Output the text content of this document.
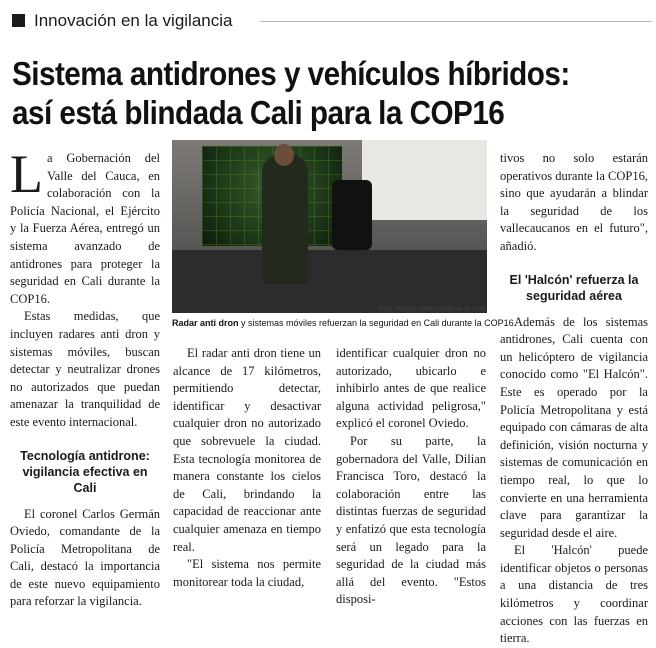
Innovación en la vigilancia
Sistema antidrones y vehículos híbridos:
así está blindada Cali para la COP16
L a Gobernación del Valle del Cauca, en colaboración con la Policía Nacional, el Ejército y la Fuerza Aérea, entregó un sistema avanzado de antidrones para proteger la seguridad en Cali durante la COP16.

Estas medidas, que incluyen radares anti dron y sistemas móviles, buscan detectar y neutralizar drones no autorizados que puedan amenazar la tranquilidad de este evento internacional.

Tecnología antidrone: vigilancia efectiva en Cali

El coronel Carlos Germán Oviedo, comandante de la Policía Metropolitana de Cali, destacó la importancia de este nuevo equipamiento para reforzar la vigilancia.

Foto: Policía Metropolitana de Cali
Radar anti dron y sistemas móviles refuerzan la seguridad en Cali durante la COP16.

El radar anti dron tiene un alcance de 17 kilómetros, permitiendo detectar, identificar y desactivar cualquier dron no autorizado que sobrevuele la ciudad. Esta tecnología monitorea de manera constante los cielos de Cali, brindando la capacidad de reaccionar ante cualquier amenaza en tiempo real.

"El sistema nos permite monitorear toda la ciudad,

identificar cualquier dron no autorizado, ubicarlo e inhibirlo antes de que realice alguna actividad peligrosa," explicó el coronel Oviedo.

Por su parte, la gobernadora del Valle, Dilian Francisca Toro, destacó la colaboración entre las distintas fuerzas de seguridad y enfatizó que esta tecnología será un legado para la seguridad de la ciudad más allá del evento. "Estos disposi-

tivos no solo estarán operativos durante la COP16, sino que ayudarán a blindar la seguridad de los vallecaucanos en el futuro", añadió.

El 'Halcón' refuerza la seguridad aérea

Además de los sistemas antidrones, Cali cuenta con un helicóptero de vigilancia conocido como "El Halcón". Este es operado por la Policía Metropolitana y está equipado con cámaras de alta definición, visión nocturna y sistemas de comunicación en tiempo real, lo que lo convierte en una herramienta clave para garantizar la seguridad desde el aire.

El 'Halcón' puede identificar objetos o personas a una distancia de tres kilómetros y coordinar acciones con las fuerzas en tierra.
